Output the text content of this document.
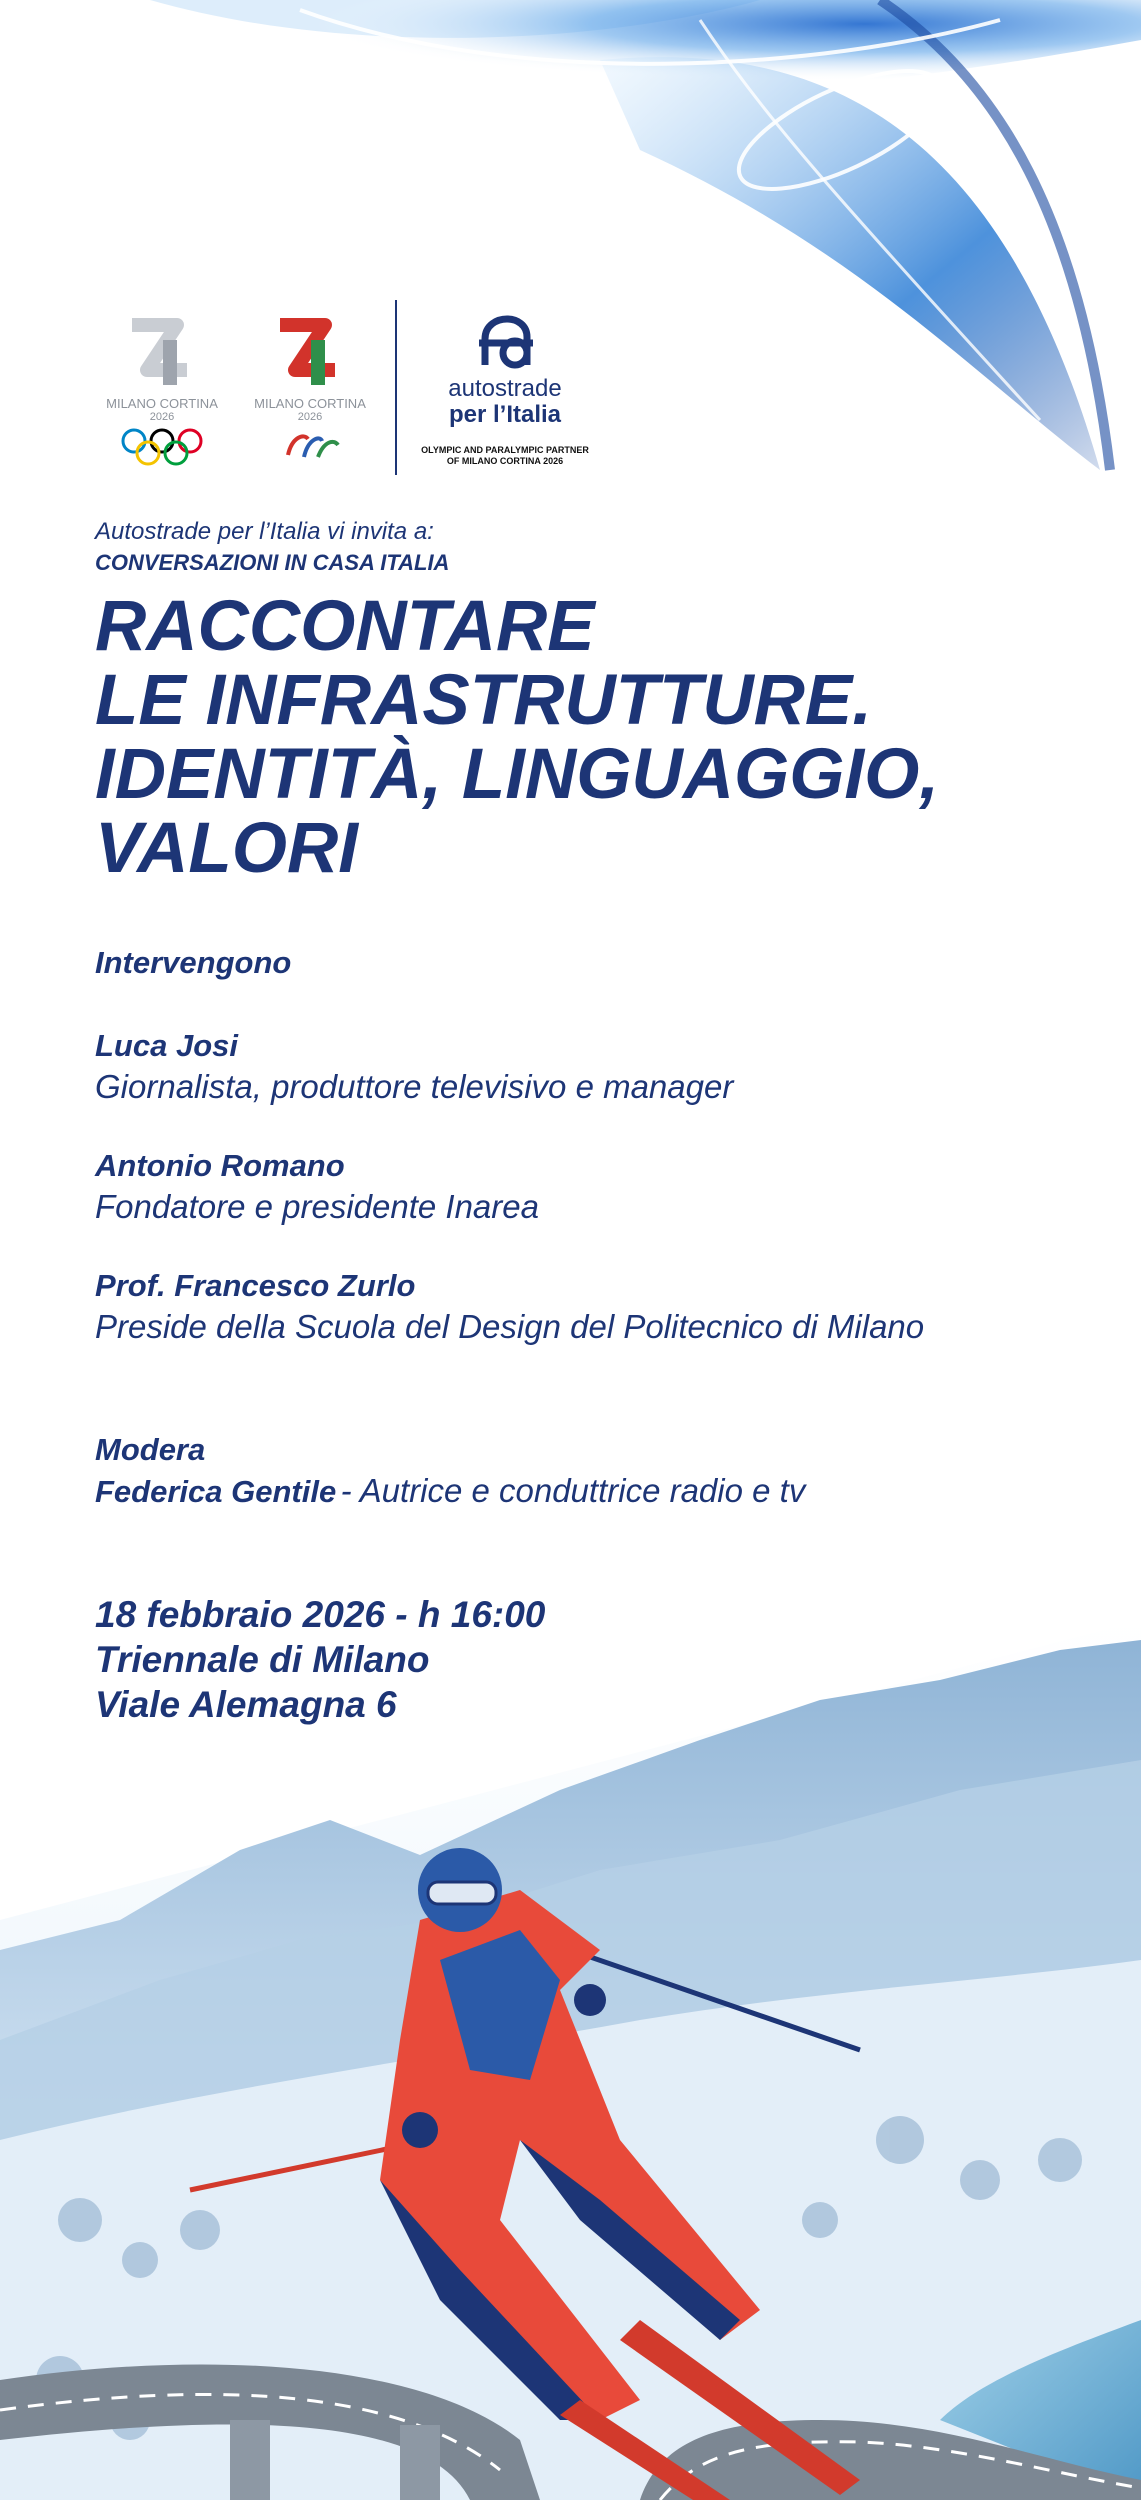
MILANO CORTINA
2026
MILANO CORTINA
2026
autostrade
per l’Italia
OLYMPIC AND PARALYMPIC PARTNER
OF MILANO CORTINA 2026
Autostrade per l’Italia vi invita a:
CONVERSAZIONI IN CASA ITALIA
RACCONTARE
LE INFRASTRUTTURE.
IDENTITÀ, LINGUAGGIO,
VALORI
Intervengono
Luca Josi
Giornalista, produttore televisivo e manager
Antonio Romano
Fondatore e presidente Inarea
Prof. Francesco Zurlo
Preside della Scuola del Design del Politecnico di Milano
Modera
Federica Gentile - Autrice e conduttrice radio e tv
18 febbraio 2026 - h 16:00
Triennale di Milano
Viale Alemagna 6
